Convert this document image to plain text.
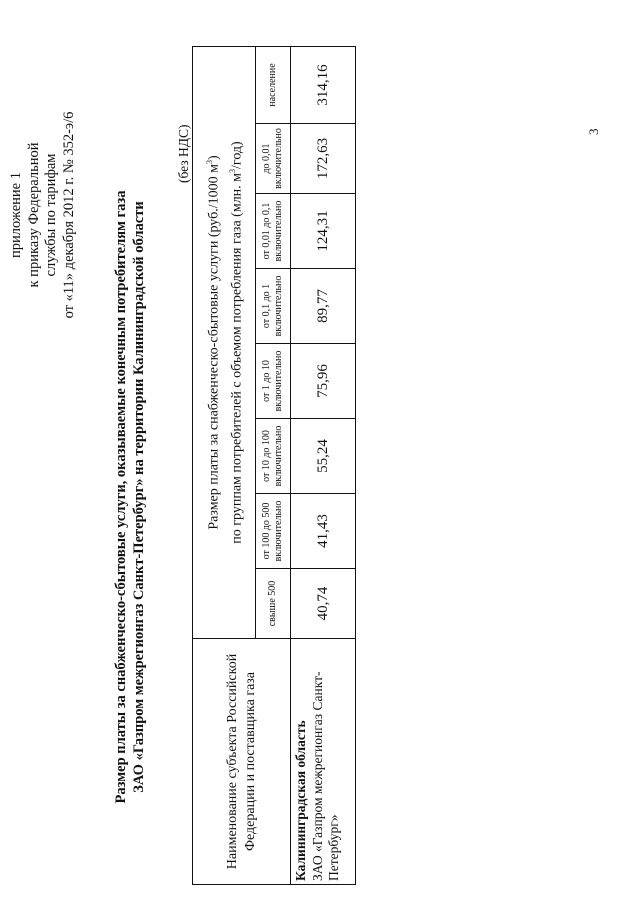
3
приложение 1 к приказу Федеральной службы по тарифам от «11» декабря 2012 г. № 352-э/6	Размер платы за снабженческо-сбытовые услуги, оказываемые конечным потребителям газа ЗАО «Газпром межрегионгаз Санкт-Петербург» на территории Калининградской области
(без НДС)
Наименование субъекта Российской Федерации и поставщика газа	Размер платы за снабженческо-сбытовые услуги (руб./1000 $м^3$)
по группам потребителей с объемом потребления газа (млн. $м^3/год$)							
	свыше 500	от 100 до 500 включительно	от 10 до 100 включительно	от 1 до 10 включительно	от 0,1 до 1 включительно	от 0,01 до 0,1 включительно	до 0,01 включительно	население

Калининградская область ЗАО «Газпром межрегионгаз Санкт-Петербург»	40,74	41,43	55,24	75,96	89,77	124,31	172,63	314,16
